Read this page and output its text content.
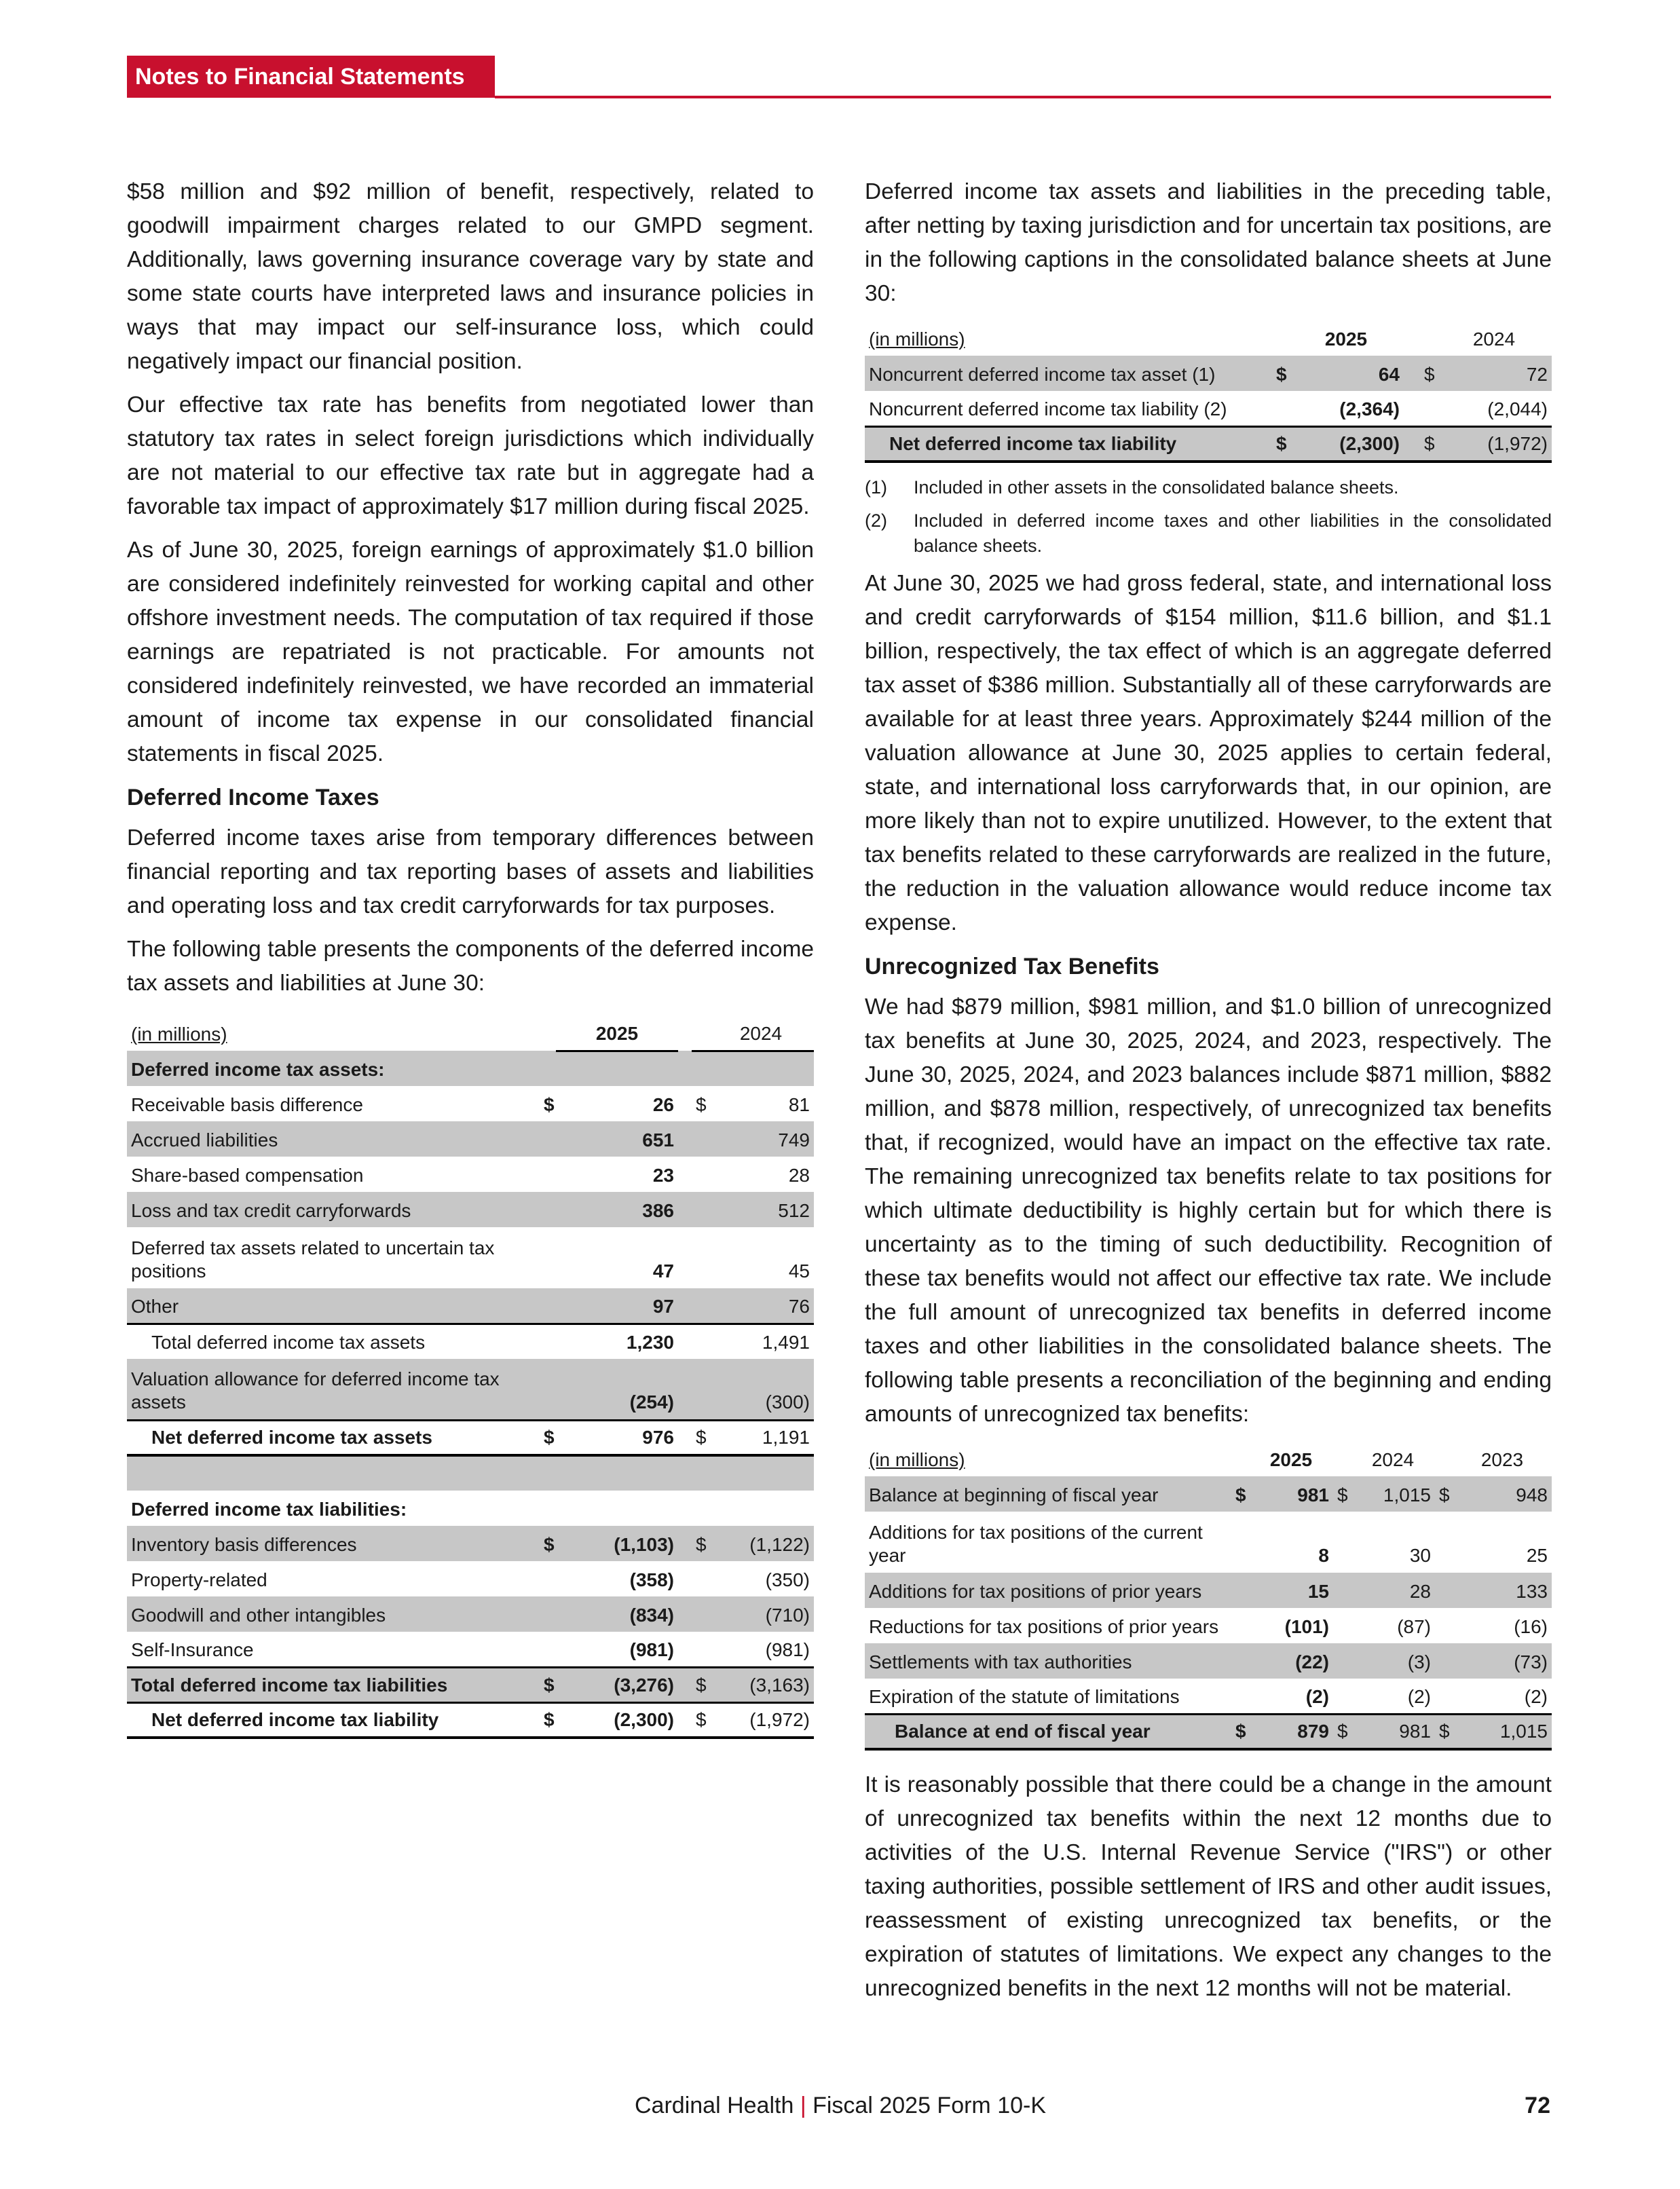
Notes to Financial Statements

$58 million and $92 million of benefit, respectively, related to goodwill impairment charges related to our GMPD segment. Additionally, laws governing insurance coverage vary by state and some state courts have interpreted laws and insurance policies in ways that may impact our self-insurance loss, which could negatively impact our financial position.

Our effective tax rate has benefits from negotiated lower than statutory tax rates in select foreign jurisdictions which individually are not material to our effective tax rate but in aggregate had a favorable tax impact of approximately $17 million during fiscal 2025.

As of June 30, 2025, foreign earnings of approximately $1.0 billion are considered indefinitely reinvested for working capital and other offshore investment needs. The computation of tax required if those earnings are repatriated is not practicable. For amounts not considered indefinitely reinvested, we have recorded an immaterial amount of income tax expense in our consolidated financial statements in fiscal 2025.

Deferred Income Taxes

Deferred income taxes arise from temporary differences between financial reporting and tax reporting bases of assets and liabilities and operating loss and tax credit carryforwards for tax purposes.

The following table presents the components of the deferred income tax assets and liabilities at June 30:

(in millions)		2025			2024
Deferred income tax assets:					
Receivable basis difference	$	26		$	81
Accrued liabilities		651			749
Share-based compensation		23			28
Loss and tax credit carryforwards		386			512
Deferred tax assets related to uncertain tax positions		47			45
Other		97			76
Total deferred income tax assets		1,230			1,491
Valuation allowance for deferred income tax assets		(254)			(300)
Net deferred income tax assets	$	976		$	1,191

Deferred income tax liabilities:					
Inventory basis differences	$	(1,103)		$	(1,122)
Property-related		(358)			(350)
Goodwill and other intangibles		(834)			(710)
Self-Insurance		(981)			(981)
Total deferred income tax liabilities	$	(3,276)		$	(3,163)
Net deferred income tax liability	$	(2,300)		$	(1,972)

Deferred income tax assets and liabilities in the preceding table, after netting by taxing jurisdiction and for uncertain tax positions, are in the following captions in the consolidated balance sheets at June 30:

(in millions)		2025			2024
Noncurrent deferred income tax asset (1)	$	64		$	72
Noncurrent deferred income tax liability (2)		(2,364)			(2,044)
Net deferred income tax liability	$	(2,300)		$	(1,972)
(1)	Included in other assets in the consolidated balance sheets.
(2)	Included in deferred income taxes and other liabilities in the consolidated balance sheets.

At June 30, 2025 we had gross federal, state, and international loss and credit carryforwards of $154 million, $11.6 billion, and $1.1 billion, respectively, the tax effect of which is an aggregate deferred tax asset of $386 million. Substantially all of these carryforwards are available for at least three years. Approximately $244 million of the valuation allowance at June 30, 2025 applies to certain federal, state, and international loss carryforwards that, in our opinion, are more likely than not to expire unutilized. However, to the extent that tax benefits related to these carryforwards are realized in the future, the reduction in the valuation allowance would reduce income tax expense.

Unrecognized Tax Benefits

We had $879 million, $981 million, and $1.0 billion of unrecognized tax benefits at June 30, 2025, 2024, and 2023, respectively. The June 30, 2025, 2024, and 2023 balances include $871 million, $882 million, and $878 million, respectively, of unrecognized tax benefits that, if recognized, would have an impact on the effective tax rate. The remaining unrecognized tax benefits relate to tax positions for which ultimate deductibility is highly certain but for which there is uncertainty as to the timing of such deductibility. Recognition of these tax benefits would not affect our effective tax rate. We include the full amount of unrecognized tax benefits in deferred income taxes and other liabilities in the consolidated balance sheets. The following table presents a reconciliation of the beginning and ending amounts of unrecognized tax benefits:

(in millions)		2025		2024		2023
Balance at beginning of fiscal year	$	981	$	1,015	$	948
Additions for tax positions of the current year		8		30		25
Additions for tax positions of prior years		15		28		133
Reductions for tax positions of prior years		(101)		(87)		(16)
Settlements with tax authorities		(22)		(3)		(73)
Expiration of the statute of limitations		(2)		(2)		(2)
Balance at end of fiscal year	$	879	$	981	$	1,015

It is reasonably possible that there could be a change in the amount of unrecognized tax benefits within the next 12 months due to activities of the U.S. Internal Revenue Service ("IRS") or other taxing authorities, possible settlement of IRS and other audit issues, reassessment of existing unrecognized tax benefits, or the expiration of statutes of limitations. We expect any changes to the unrecognized benefits in the next 12 months will not be material.

Cardinal Health | Fiscal 2025 Form 10-K	72
